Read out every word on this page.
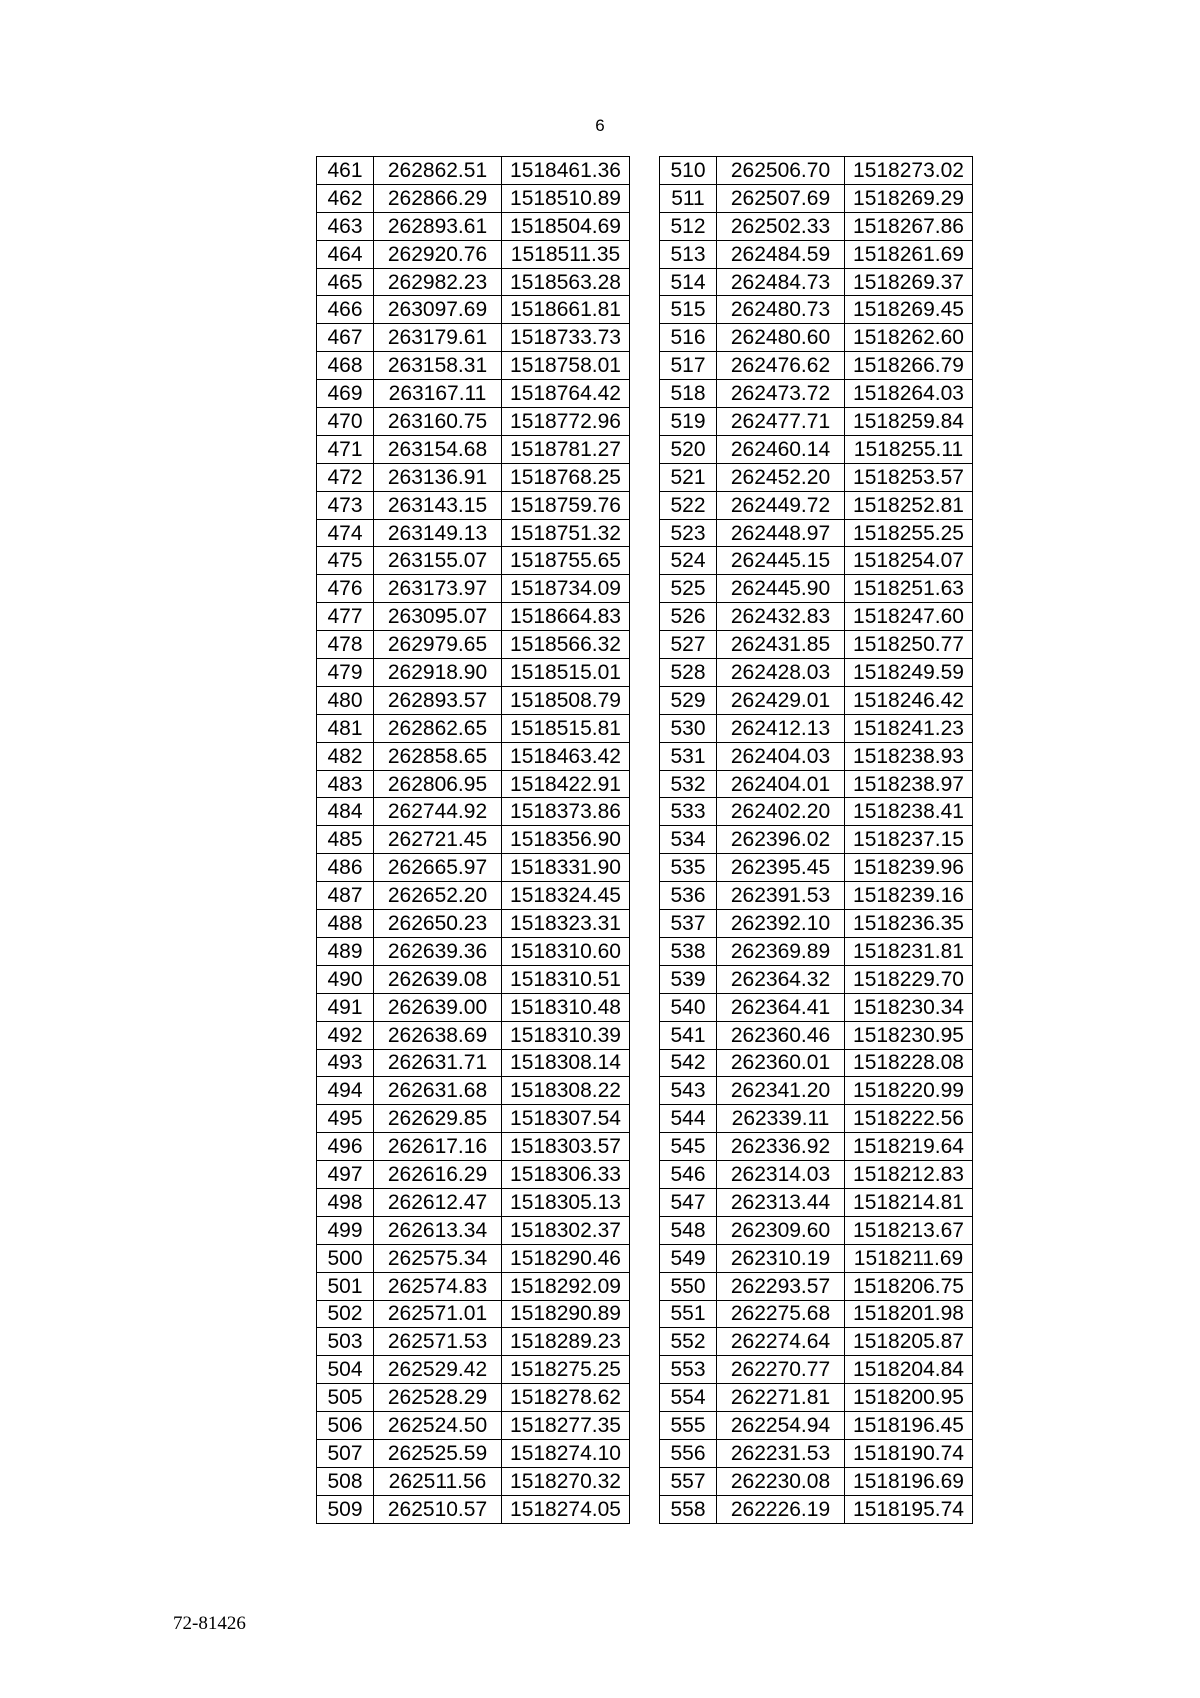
6
461	262862.51	1518461.36
462	262866.29	1518510.89
463	262893.61	1518504.69
464	262920.76	1518511.35
465	262982.23	1518563.28
466	263097.69	1518661.81
467	263179.61	1518733.73
468	263158.31	1518758.01
469	263167.11	1518764.42
470	263160.75	1518772.96
471	263154.68	1518781.27
472	263136.91	1518768.25
473	263143.15	1518759.76
474	263149.13	1518751.32
475	263155.07	1518755.65
476	263173.97	1518734.09
477	263095.07	1518664.83
478	262979.65	1518566.32
479	262918.90	1518515.01
480	262893.57	1518508.79
481	262862.65	1518515.81
482	262858.65	1518463.42
483	262806.95	1518422.91
484	262744.92	1518373.86
485	262721.45	1518356.90
486	262665.97	1518331.90
487	262652.20	1518324.45
488	262650.23	1518323.31
489	262639.36	1518310.60
490	262639.08	1518310.51
491	262639.00	1518310.48
492	262638.69	1518310.39
493	262631.71	1518308.14
494	262631.68	1518308.22
495	262629.85	1518307.54
496	262617.16	1518303.57
497	262616.29	1518306.33
498	262612.47	1518305.13
499	262613.34	1518302.37
500	262575.34	1518290.46
501	262574.83	1518292.09
502	262571.01	1518290.89
503	262571.53	1518289.23
504	262529.42	1518275.25
505	262528.29	1518278.62
506	262524.50	1518277.35
507	262525.59	1518274.10
508	262511.56	1518270.32
509	262510.57	1518274.05
510	262506.70	1518273.02
511	262507.69	1518269.29
512	262502.33	1518267.86
513	262484.59	1518261.69
514	262484.73	1518269.37
515	262480.73	1518269.45
516	262480.60	1518262.60
517	262476.62	1518266.79
518	262473.72	1518264.03
519	262477.71	1518259.84
520	262460.14	1518255.11
521	262452.20	1518253.57
522	262449.72	1518252.81
523	262448.97	1518255.25
524	262445.15	1518254.07
525	262445.90	1518251.63
526	262432.83	1518247.60
527	262431.85	1518250.77
528	262428.03	1518249.59
529	262429.01	1518246.42
530	262412.13	1518241.23
531	262404.03	1518238.93
532	262404.01	1518238.97
533	262402.20	1518238.41
534	262396.02	1518237.15
535	262395.45	1518239.96
536	262391.53	1518239.16
537	262392.10	1518236.35
538	262369.89	1518231.81
539	262364.32	1518229.70
540	262364.41	1518230.34
541	262360.46	1518230.95
542	262360.01	1518228.08
543	262341.20	1518220.99
544	262339.11	1518222.56
545	262336.92	1518219.64
546	262314.03	1518212.83
547	262313.44	1518214.81
548	262309.60	1518213.67
549	262310.19	1518211.69
550	262293.57	1518206.75
551	262275.68	1518201.98
552	262274.64	1518205.87
553	262270.77	1518204.84
554	262271.81	1518200.95
555	262254.94	1518196.45
556	262231.53	1518190.74
557	262230.08	1518196.69
558	262226.19	1518195.74
72-81426
